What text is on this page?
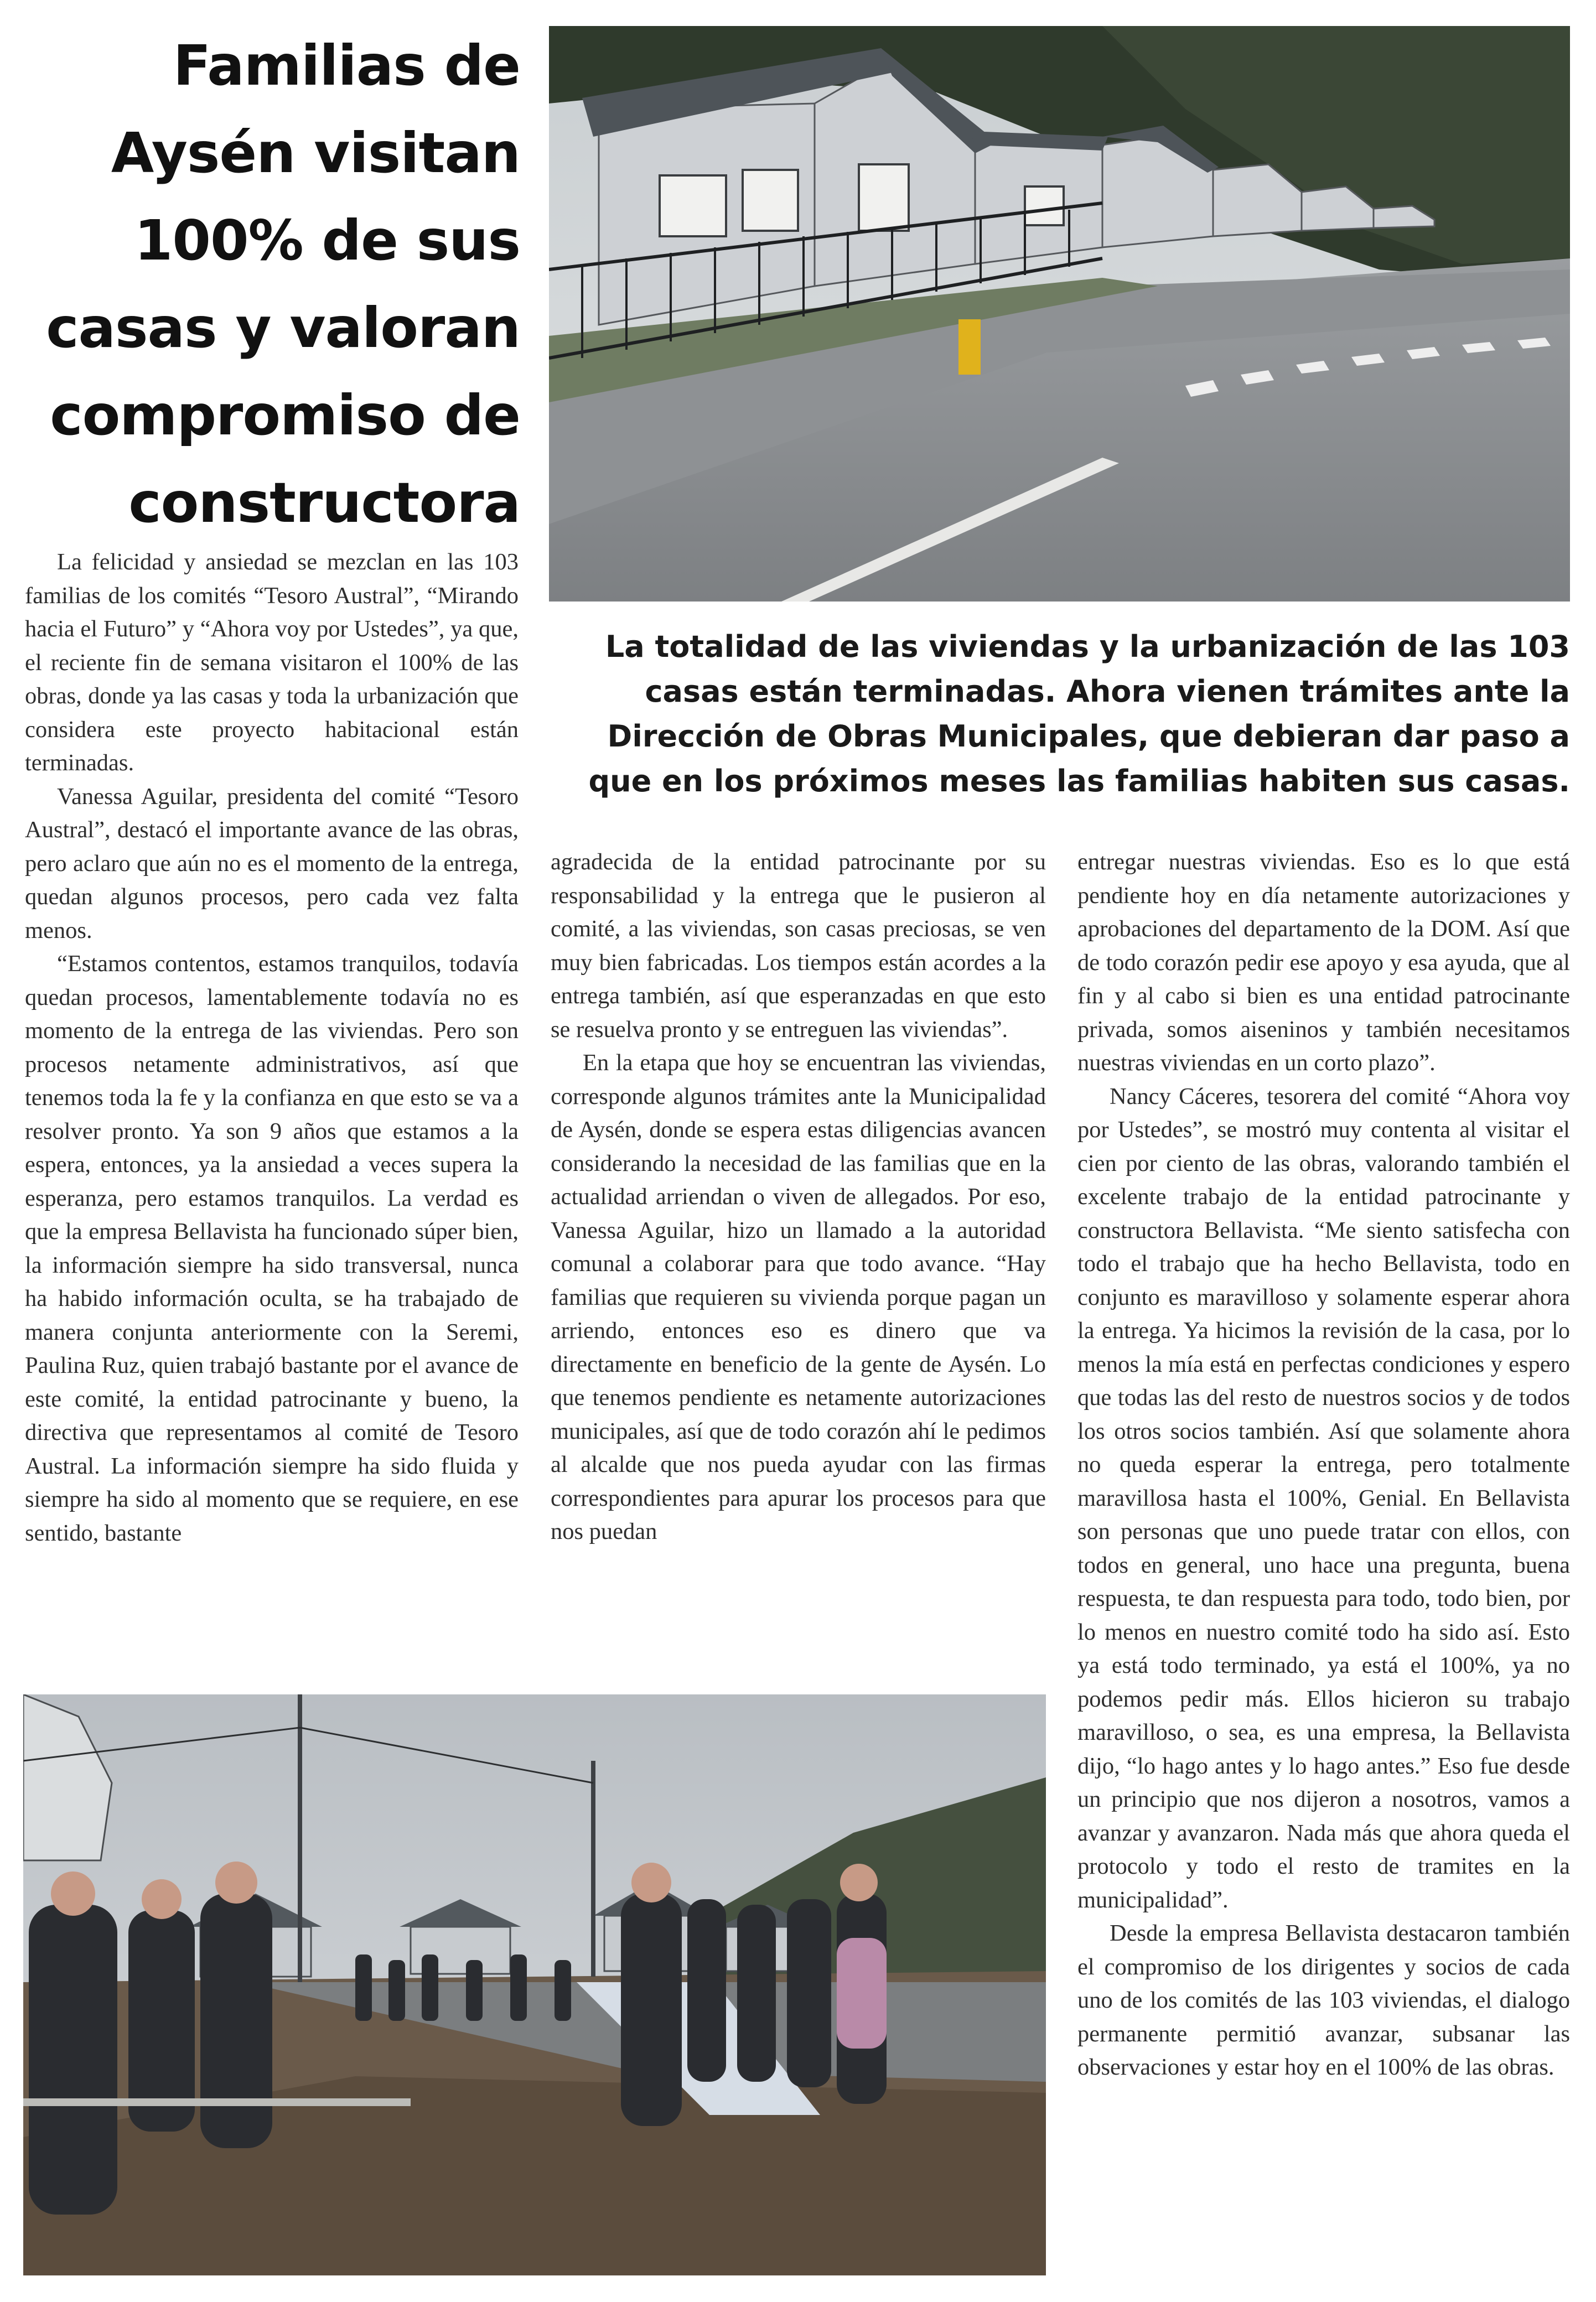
Familias de Aysén visitan 100% de sus casas y valoran compromiso de constructora

La totalidad de las viviendas y la urbanización de las 103 casas están terminadas. Ahora vienen trámites ante la Dirección de Obras Municipales, que debieran dar paso a que en los próximos meses las familias habiten sus casas.

La felicidad y ansiedad se mezclan en las 103 familias de los comités “Tesoro Austral”, “Mirando hacia el Futuro” y “Ahora voy por Ustedes”, ya que, el reciente fin de semana visitaron el 100% de las obras, donde ya las casas y toda la urbanización que considera este proyecto habitacional están terminadas.

Vanessa Aguilar, presidenta del comité “Tesoro Austral”, destacó el importante avance de las obras, pero aclaro que aún no es el momento de la entrega, quedan algunos procesos, pero cada vez falta menos.

“Estamos contentos, estamos tranquilos, todavía quedan procesos, lamentablemente todavía no es momento de la entrega de las viviendas. Pero son procesos netamente administrativos, así que tenemos toda la fe y la confianza en que esto se va a resolver pronto. Ya son 9 años que estamos a la espera, entonces, ya la ansiedad a veces supera la esperanza, pero estamos tranquilos. La verdad es que la empresa Bellavista ha funcionado súper bien, la información siempre ha sido transversal, nunca ha habido información oculta, se ha trabajado de manera conjunta anteriormente con la Seremi, Paulina Ruz, quien trabajó bastante por el avance de este comité, la entidad patrocinante y bueno, la directiva que representamos al comité de Tesoro Austral. La información siempre ha sido fluida y siempre ha sido al momento que se requiere, en ese sentido, bastante

agradecida de la entidad patrocinante por su responsabilidad y la entrega que le pusieron al comité, a las viviendas, son casas preciosas, se ven muy bien fabricadas. Los tiempos están acordes a la entrega también, así que esperanzadas en que esto se resuelva pronto y se entreguen las viviendas”.

En la etapa que hoy se encuentran las viviendas, corresponde algunos trámites ante la Municipalidad de Aysén, donde se espera estas diligencias avancen considerando la necesidad de las familias que en la actualidad arriendan o viven de allegados. Por eso, Vanessa Aguilar, hizo un llamado a la autoridad comunal a colaborar para que todo avance. “Hay familias que requieren su vivienda porque pagan un arriendo, entonces eso es dinero que va directamente en beneficio de la gente de Aysén. Lo que tenemos pendiente es netamente autorizaciones municipales, así que de todo corazón ahí le pedimos al alcalde que nos pueda ayudar con las firmas correspondientes para apurar los procesos para que nos puedan

entregar nuestras viviendas. Eso es lo que está pendiente hoy en día netamente autorizaciones y aprobaciones del departamento de la DOM. Así que de todo corazón pedir ese apoyo y esa ayuda, que al fin y al cabo si bien es una entidad patrocinante privada, somos aiseninos y también necesitamos nuestras viviendas en un corto plazo”.

Nancy Cáceres, tesorera del comité “Ahora voy por Ustedes”, se mostró muy contenta al visitar el cien por ciento de las obras, valorando también el excelente trabajo de la entidad patrocinante y constructora Bellavista. “Me siento satisfecha con todo el trabajo que ha hecho Bellavista, todo en conjunto es maravilloso y solamente esperar ahora la entrega. Ya hicimos la revisión de la casa, por lo menos la mía está en perfectas condiciones y espero que todas las del resto de nuestros socios y de todos los otros socios también. Así que solamente ahora no queda esperar la entrega, pero totalmente maravillosa hasta el 100%, Genial. En Bellavista son personas que uno puede tratar con ellos, con todos en general, uno hace una pregunta, buena respuesta, te dan respuesta para todo, todo bien, por lo menos en nuestro comité todo ha sido así. Esto ya está todo terminado, ya está el 100%, ya no podemos pedir más. Ellos hicieron su trabajo maravilloso, o sea, es una empresa, la Bellavista dijo, “lo hago antes y lo hago antes.” Eso fue desde un principio que nos dijeron a nosotros, vamos a avanzar y avanzaron. Nada más que ahora queda el protocolo y todo el resto de tramites en la municipalidad”.

Desde la empresa Bellavista destacaron también el compromiso de los dirigentes y socios de cada uno de los comités de las 103 viviendas, el dialogo permanente permitió avanzar, subsanar las observaciones y estar hoy en el 100% de las obras.
